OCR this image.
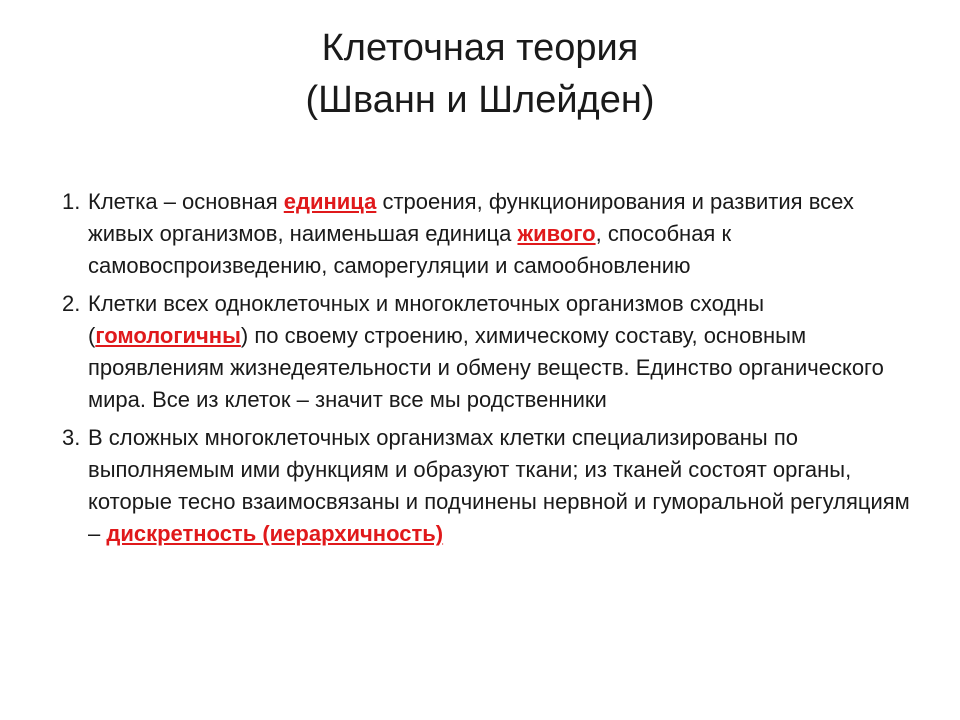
Клеточная теория
(Шванн и Шлейден)
1. Клетка – основная единица строения, функционирования и развития всех живых организмов, наименьшая единица живого, способная к самовоспроизведению, саморегуляции и самообновлению
2. Клетки всех одноклеточных и многоклеточных организмов сходны (гомологичны) по своему строению, химическому составу, основным проявлениям жизнедеятельности и обмену веществ. Единство органического мира. Все из клеток – значит все мы родственники
3. В сложных многоклеточных организмах клетки специализированы по выполняемым ими функциям и образуют ткани; из тканей состоят органы, которые тесно взаимосвязаны и подчинены нервной и гуморальной регуляциям – дискретность (иерархичность)
